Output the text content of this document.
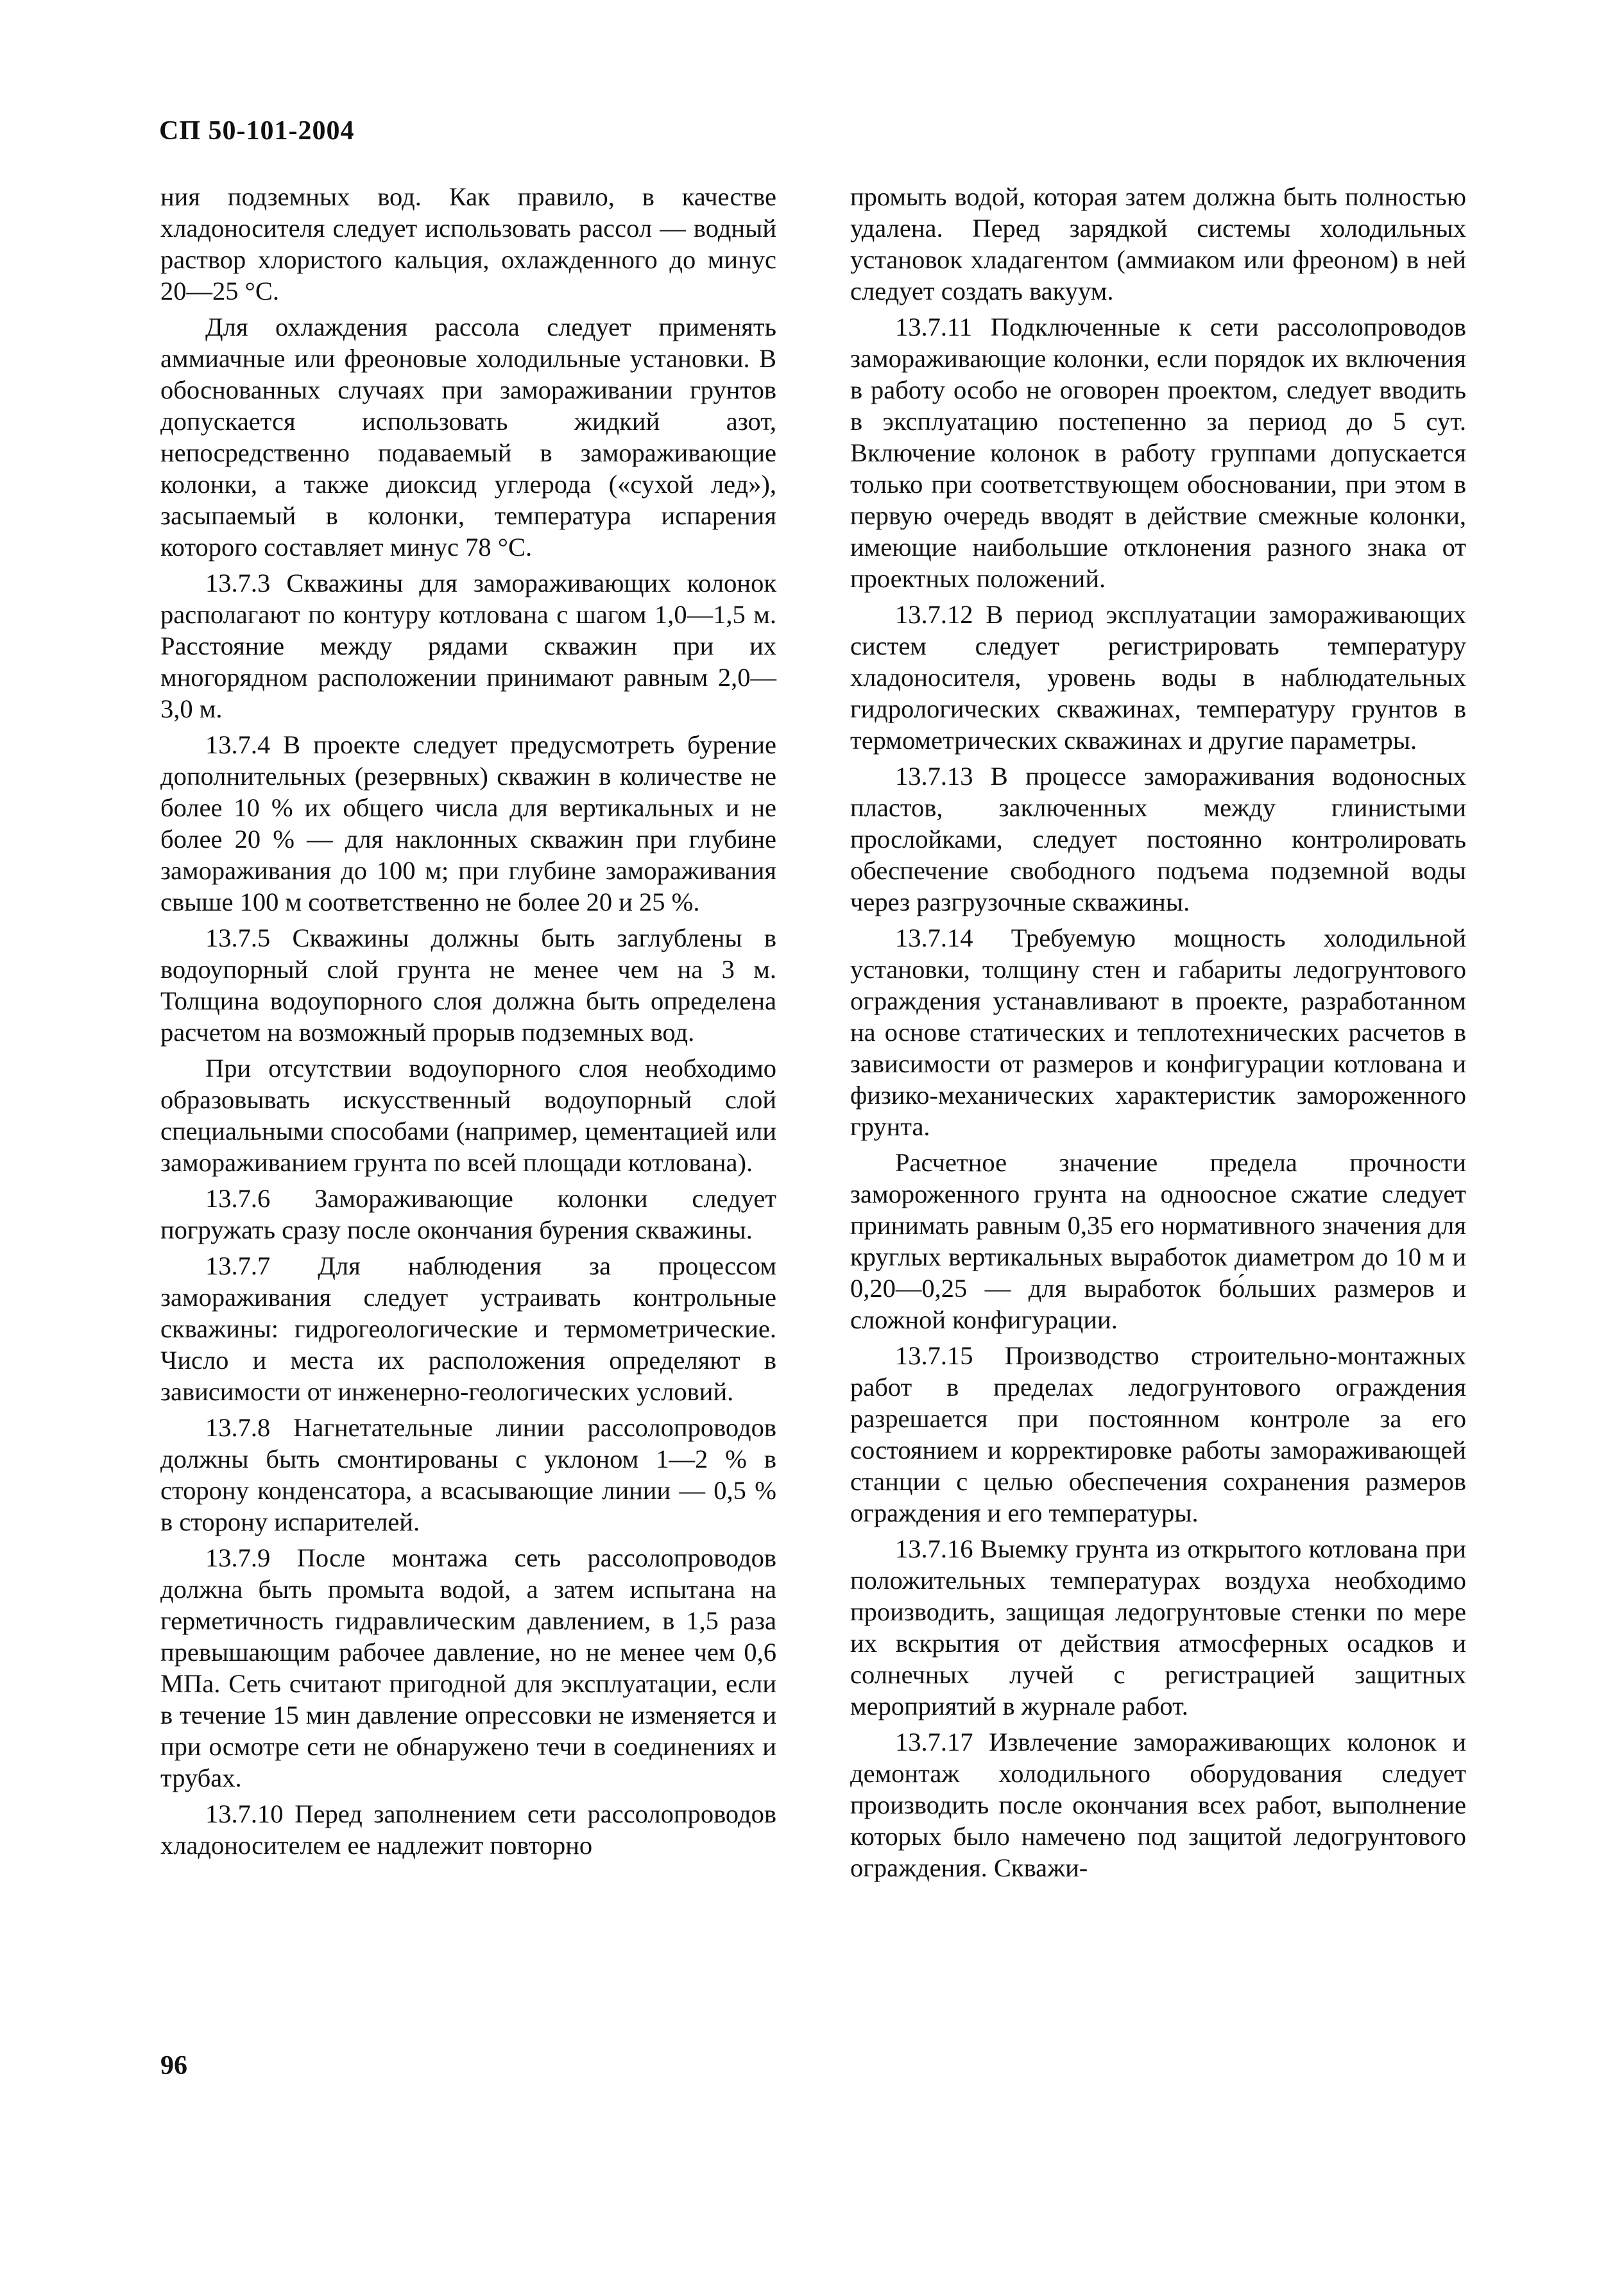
СП 50-101-2004

ния подземных вод. Как правило, в качестве хладоносителя следует использовать рассол — водный раствор хлористого кальция, охлажденного до минус 20—25 °С.

Для охлаждения рассола следует применять аммиачные или фреоновые холодильные установки. В обоснованных случаях при замораживании грунтов допускается использовать жидкий азот, непосредственно подаваемый в замораживающие колонки, а также диоксид углерода («сухой лед»), засыпаемый в колонки, температура испарения которого составляет минус 78 °С.

13.7.3 Скважины для замораживающих колонок располагают по контуру котлована с шагом 1,0—1,5 м. Расстояние между рядами скважин при их многорядном расположении принимают равным 2,0—3,0 м.

13.7.4 В проекте следует предусмотреть бурение дополнительных (резервных) скважин в количестве не более 10 % их общего числа для вертикальных и не более 20 % — для наклонных скважин при глубине замораживания до 100 м; при глубине замораживания свыше 100 м соответственно не более 20 и 25 %.

13.7.5 Скважины должны быть заглублены в водоупорный слой грунта не менее чем на 3 м. Толщина водоупорного слоя должна быть определена расчетом на возможный прорыв подземных вод.

При отсутствии водоупорного слоя необходимо образовывать искусственный водоупорный слой специальными способами (например, цементацией или замораживанием грунта по всей площади котлована).

13.7.6 Замораживающие колонки следует погружать сразу после окончания бурения скважины.

13.7.7 Для наблюдения за процессом замораживания следует устраивать контрольные скважины: гидрогеологические и термометрические. Число и места их расположения определяют в зависимости от инженерно-геологических условий.

13.7.8 Нагнетательные линии рассолопроводов должны быть смонтированы с уклоном 1—2 % в сторону конденсатора, а всасывающие линии — 0,5 % в сторону испарителей.

13.7.9 После монтажа сеть рассолопроводов должна быть промыта водой, а затем испытана на герметичность гидравлическим давлением, в 1,5 раза превышающим рабочее давление, но не менее чем 0,6 МПа. Сеть считают пригодной для эксплуатации, если в течение 15 мин давление опрессовки не изменяется и при осмотре сети не обнаружено течи в соединениях и трубах.

13.7.10 Перед заполнением сети рассолопроводов хладоносителем ее надлежит повторно

промыть водой, которая затем должна быть полностью удалена. Перед зарядкой системы холодильных установок хладагентом (аммиаком или фреоном) в ней следует создать вакуум.

13.7.11 Подключенные к сети рассолопроводов замораживающие колонки, если порядок их включения в работу особо не оговорен проектом, следует вводить в эксплуатацию постепенно за период до 5 сут. Включение колонок в работу группами допускается только при соответствующем обосновании, при этом в первую очередь вводят в действие смежные колонки, имеющие наибольшие отклонения разного знака от проектных положений.

13.7.12 В период эксплуатации замораживающих систем следует регистрировать температуру хладоносителя, уровень воды в наблюдательных гидрологических скважинах, температуру грунтов в термометрических скважинах и другие параметры.

13.7.13 В процессе замораживания водоносных пластов, заключенных между глинистыми прослойками, следует постоянно контролировать обеспечение свободного подъема подземной воды через разгрузочные скважины.

13.7.14 Требуемую мощность холодильной установки, толщину стен и габариты ледогрунтового ограждения устанавливают в проекте, разработанном на основе статических и теплотехнических расчетов в зависимости от размеров и конфигурации котлована и физико-механических характеристик замороженного грунта.

Расчетное значение предела прочности замороженного грунта на одноосное сжатие следует принимать равным 0,35 его нормативного значения для круглых вертикальных выработок диаметром до 10 м и 0,20—0,25 — для выработок бо́льших размеров и сложной конфигурации.

13.7.15 Производство строительно-монтажных работ в пределах ледогрунтового ограждения разрешается при постоянном контроле за его состоянием и корректировке работы замораживающей станции с целью обеспечения сохранения размеров ограждения и его температуры.

13.7.16 Выемку грунта из открытого котлована при положительных температурах воздуха необходимо производить, защищая ледогрунтовые стенки по мере их вскрытия от действия атмосферных осадков и солнечных лучей с регистрацией защитных мероприятий в журнале работ.

13.7.17 Извлечение замораживающих колонок и демонтаж холодильного оборудования следует производить после окончания всех работ, выполнение которых было намечено под защитой ледогрунтового ограждения. Скважи-

96
